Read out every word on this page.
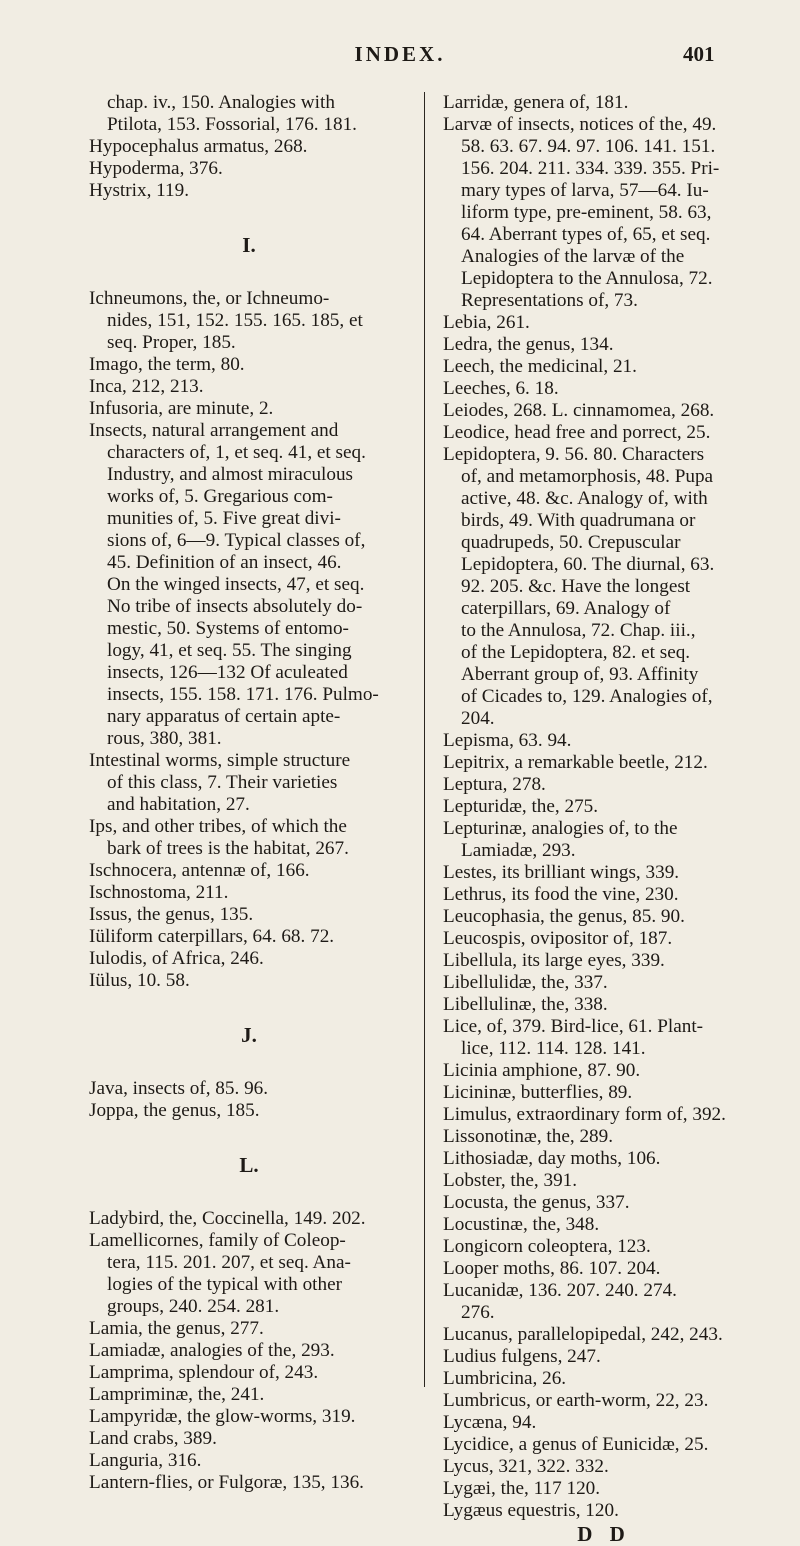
INDEX.	401
chap. iv., 150. Analogies with
Ptilota, 153. Fossorial, 176. 181.
Hypocephalus armatus, 268.
Hypoderma, 376.
Hystrix, 119.
I.
Ichneumons, the, or Ichneumo-
nides, 151, 152. 155. 165. 185, et
seq. Proper, 185.
Imago, the term, 80.
Inca, 212, 213.
Infusoria, are minute, 2.
Insects, natural arrangement and
characters of, 1, et seq. 41, et seq.
Industry, and almost miraculous
works of, 5. Gregarious com-
munities of, 5. Five great divi-
sions of, 6—9. Typical classes of,
45. Definition of an insect, 46.
On the winged insects, 47, et seq.
No tribe of insects absolutely do-
mestic, 50. Systems of entomo-
logy, 41, et seq. 55. The singing
insects, 126—132 Of aculeated
insects, 155. 158. 171. 176. Pulmo-
nary apparatus of certain apte-
rous, 380, 381.
Intestinal worms, simple structure
of this class, 7. Their varieties
and habitation, 27.
Ips, and other tribes, of which the
bark of trees is the habitat, 267.
Ischnocera, antennæ of, 166.
Ischnostoma, 211.
Issus, the genus, 135.
Iüliform caterpillars, 64. 68. 72.
Iulodis, of Africa, 246.
Iülus, 10. 58.
J.
Java, insects of, 85. 96.
Joppa, the genus, 185.
L.
Ladybird, the, Coccinella, 149. 202.
Lamellicornes, family of Coleop-
tera, 115. 201. 207, et seq. Ana-
logies of the typical with other
groups, 240. 254. 281.
Lamia, the genus, 277.
Lamiadæ, analogies of the, 293.
Lamprima, splendour of, 243.
Lampriminæ, the, 241.
Lampyridæ, the glow-worms, 319.
Land crabs, 389.
Languria, 316.
Lantern-flies, or Fulgoræ, 135, 136.
Larridæ, genera of, 181.
Larvæ of insects, notices of the, 49.
58. 63. 67. 94. 97. 106. 141. 151.
156. 204. 211. 334. 339. 355. Pri-
mary types of larva, 57—64. Iu-
liform type, pre-eminent, 58. 63,
64. Aberrant types of, 65, et seq.
Analogies of the larvæ of the
Lepidoptera to the Annulosa, 72.
Representations of, 73.
Lebia, 261.
Ledra, the genus, 134.
Leech, the medicinal, 21.
Leeches, 6. 18.
Leiodes, 268. L. cinnamomea, 268.
Leodice, head free and porrect, 25.
Lepidoptera, 9. 56. 80. Characters
of, and metamorphosis, 48. Pupa
active, 48. &c. Analogy of, with
birds, 49. With quadrumana or
quadrupeds, 50. Crepuscular
Lepidoptera, 60. The diurnal, 63.
92. 205. &c. Have the longest
caterpillars, 69. Analogy of
to the Annulosa, 72. Chap. iii.,
of the Lepidoptera, 82. et seq.
Aberrant group of, 93. Affinity
of Cicades to, 129. Analogies of,
204.
Lepisma, 63. 94.
Lepitrix, a remarkable beetle, 212.
Leptura, 278.
Lepturidæ, the, 275.
Lepturinæ, analogies of, to the
Lamiadæ, 293.
Lestes, its brilliant wings, 339.
Lethrus, its food the vine, 230.
Leucophasia, the genus, 85. 90.
Leucospis, ovipositor of, 187.
Libellula, its large eyes, 339.
Libellulidæ, the, 337.
Libellulinæ, the, 338.
Lice, of, 379. Bird-lice, 61. Plant-
lice, 112. 114. 128. 141.
Licinia amphione, 87. 90.
Licininæ, butterflies, 89.
Limulus, extraordinary form of, 392.
Lissonotinæ, the, 289.
Lithosiadæ, day moths, 106.
Lobster, the, 391.
Locusta, the genus, 337.
Locustinæ, the, 348.
Longicorn coleoptera, 123.
Looper moths, 86. 107. 204.
Lucanidæ, 136. 207. 240. 274.
276.
Lucanus, parallelopipedal, 242, 243.
Ludius fulgens, 247.
Lumbricina, 26.
Lumbricus, or earth-worm, 22, 23.
Lycæna, 94.
Lycidice, a genus of Eunicidæ, 25.
Lycus, 321, 322. 332.
Lygæi, the, 117 120.
Lygæus equestris, 120.
D D
